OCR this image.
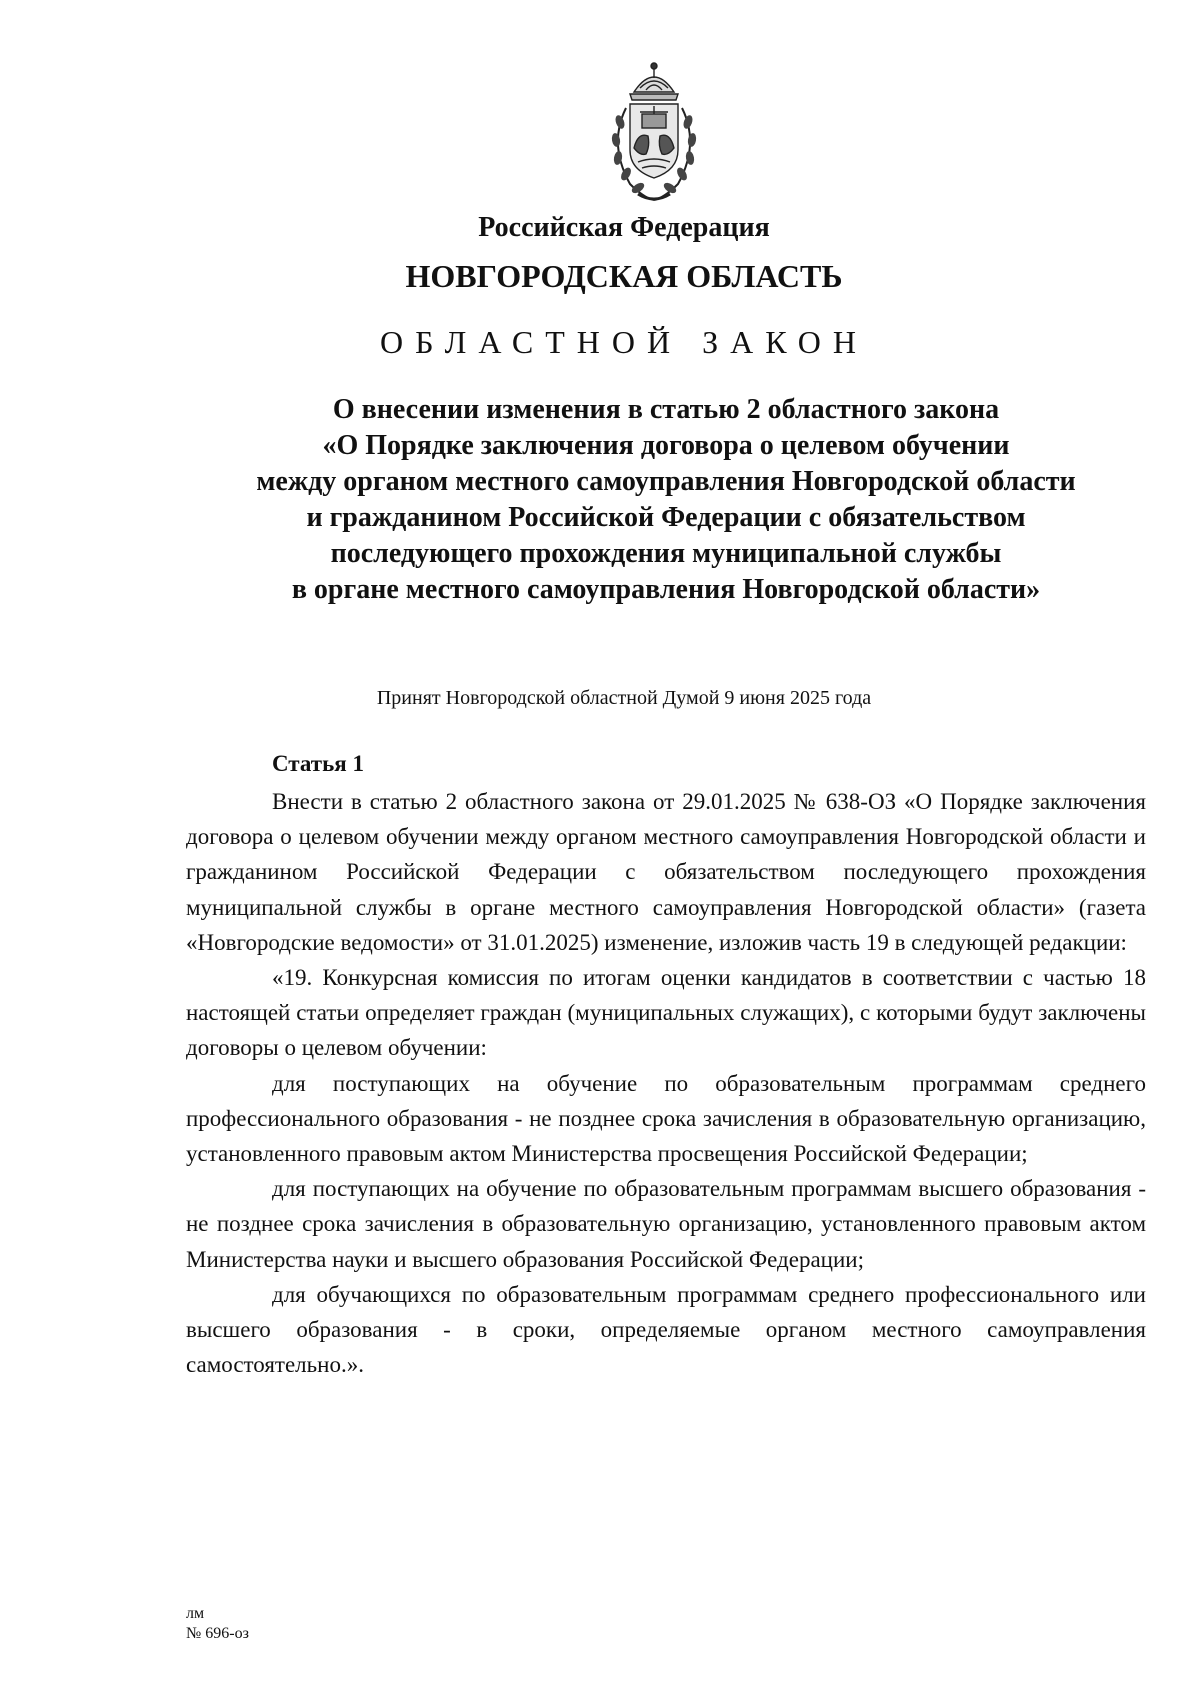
Российская Федерация
НОВГОРОДСКАЯ ОБЛАСТЬ
ОБЛАСТНОЙ ЗАКОН
О внесении изменения в статью 2 областного закона
«О Порядке заключения договора о целевом обучении
между органом местного самоуправления Новгородской области
и гражданином Российской Федерации с обязательством
последующего прохождения муниципальной службы
в органе местного самоуправления Новгородской области»
Принят Новгородской областной Думой 9 июня 2025 года
Статья 1

Внести в статью 2 областного закона от 29.01.2025 № 638-ОЗ «О Порядке заключения договора о целевом обучении между органом местного самоуправления Новгородской области и гражданином Российской Федерации с обязательством последующего прохождения муниципальной службы в органе местного самоуправления Новгородской области» (газета «Новгородские ведомости» от 31.01.2025) изменение, изложив часть 19 в следующей редакции:

«19. Конкурсная комиссия по итогам оценки кандидатов в соответствии с частью 18 настоящей статьи определяет граждан (муниципальных служащих), с которыми будут заключены договоры о целевом обучении:

для поступающих на обучение по образовательным программам среднего профессионального образования - не позднее срока зачисления в образовательную организацию, установленного правовым актом Министерства просвещения Российской Федерации;

для поступающих на обучение по образовательным программам высшего образования - не позднее срока зачисления в образовательную организацию, установленного правовым актом Министерства науки и высшего образования Российской Федерации;

для обучающихся по образовательным программам среднего профессионального или высшего образования - в сроки, определяемые органом местного самоуправления самостоятельно.».

лм
№ 696-оз
